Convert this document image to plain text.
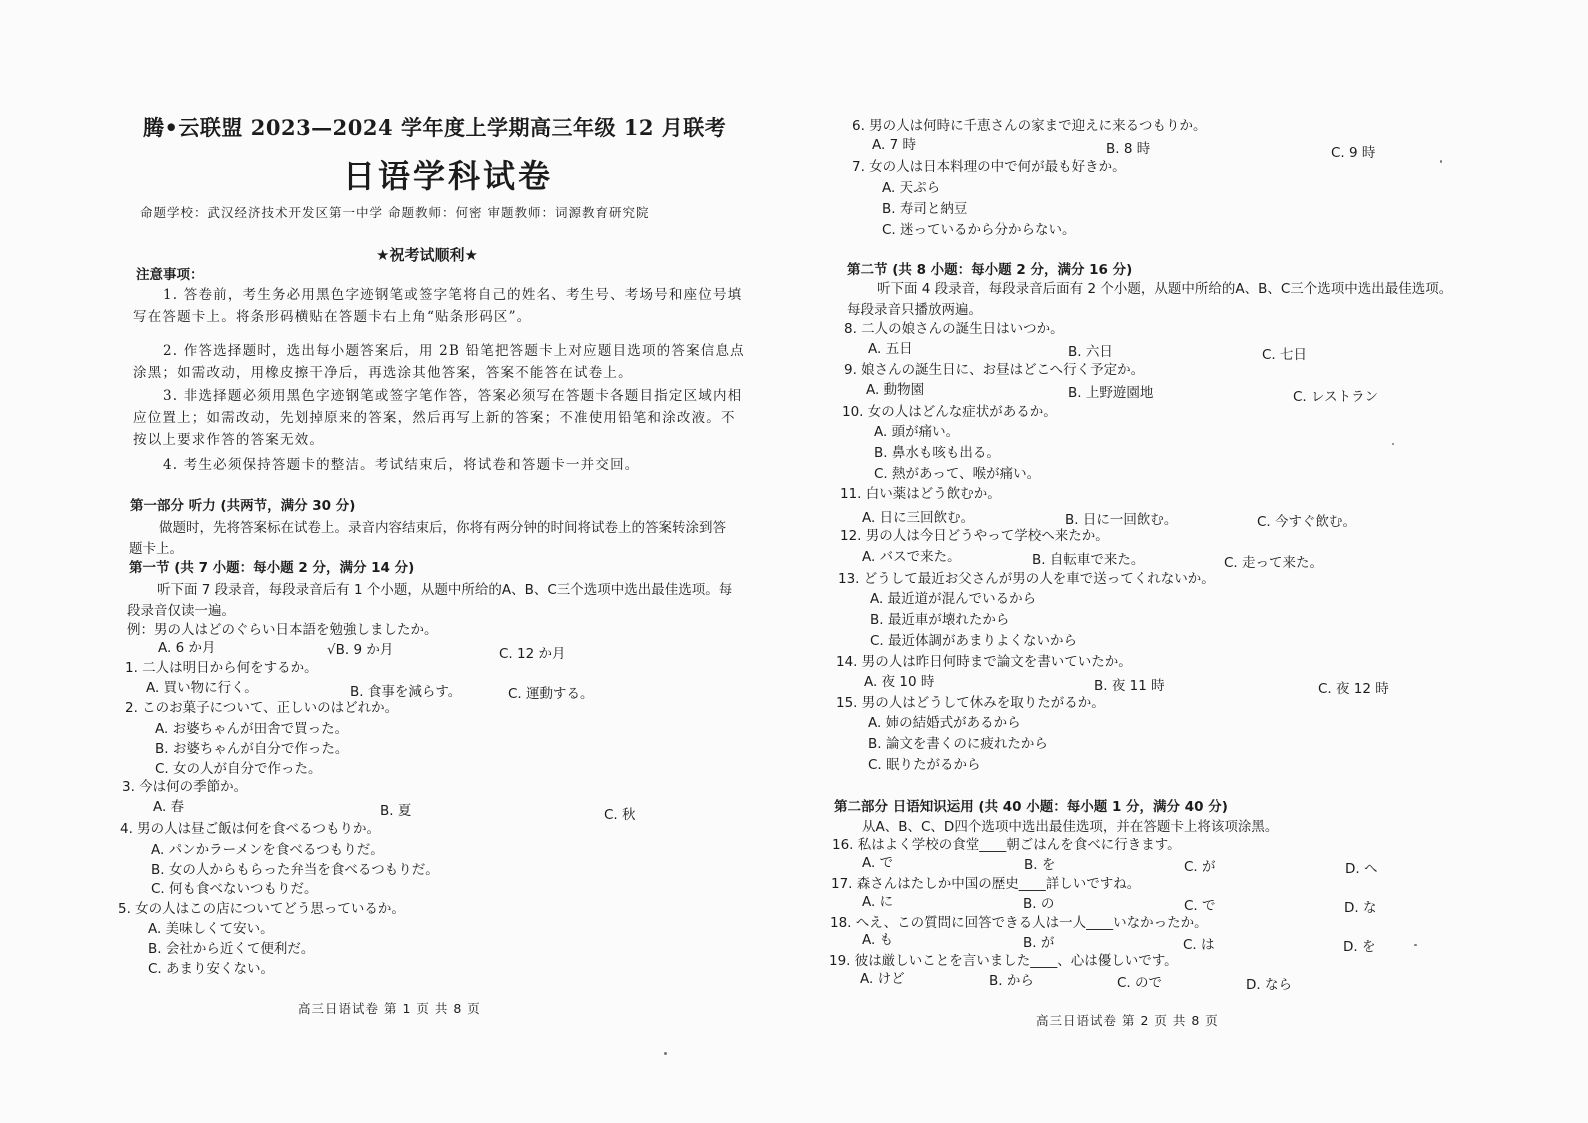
腾•云联盟 2023—2024 学年度上学期高三年级 12 月联考
日语学科试卷
命题学校：武汉经济技术开发区第一中学 命题教师：何密 审题教师：词源教育研究院
★祝考试顺利★
注意事项：
1. 答卷前，考生务必用黑色字迹钢笔或签字笔将自己的姓名、考生号、考场号和座位号填写在答题卡上。将条形码横贴在答题卡右上角“贴条形码区”。
2. 作答选择题时，选出每小题答案后，用 2B 铅笔把答题卡上对应题目选项的答案信息点涂黑；如需改动，用橡皮擦干净后，再选涂其他答案，答案不能答在试卷上。
3. 非选择题必须用黑色字迹钢笔或签字笔作答，答案必须写在答题卡各题目指定区域内相应位置上；如需改动，先划掉原来的答案，然后再写上新的答案；不准使用铅笔和涂改液。不按以上要求作答的答案无效。
4. 考生必须保持答题卡的整洁。考试结束后，将试卷和答题卡一并交回。
第一部分 听力 (共两节，满分 30 分)
做题时，先将答案标在试卷上。录音内容结束后，你将有两分钟的时间将试卷上的答案转涂到答题卡上。
第一节 (共 7 小题：每小题 2 分，满分 14 分)
听下面 7 段录音，每段录音后有 1 个小题，从题中所给的A、B、C三个选项中选出最佳选项。每段录音仅读一遍。
例：男の人はどのぐらい日本語を勉強しましたか。
A. 6 か月	√B. 9 か月	C. 12 か月
1. 二人は明日から何をするか。
A. 買い物に行く。	B. 食事を減らす。	C. 運動する。
2. このお菓子について、正しいのはどれか。
A. お婆ちゃんが田舎で買った。
B. お婆ちゃんが自分で作った。
C. 女の人が自分で作った。
3. 今は何の季節か。
A. 春	B. 夏	C. 秋
4. 男の人は昼ご飯は何を食べるつもりか。
A. パンかラーメンを食べるつもりだ。
B. 女の人からもらった弁当を食べるつもりだ。
C. 何も食べないつもりだ。
5. 女の人はこの店についてどう思っているか。
A. 美味しくて安い。
B. 会社から近くて便利だ。
C. あまり安くない。
高三日语试卷 第 1 页 共 8 页
6. 男の人は何時に千恵さんの家まで迎えに来るつもりか。
A. 7 時	B. 8 時	C. 9 時
7. 女の人は日本料理の中で何が最も好きか。
A. 天ぷら
B. 寿司と納豆
C. 迷っているから分からない。
第二节 (共 8 小题：每小题 2 分，满分 16 分)
听下面 4 段录音，每段录音后面有 2 个小题，从题中所给的A、B、C三个选项中选出最佳选项。每段录音只播放两遍。
8. 二人の娘さんの誕生日はいつか。
A. 五日	B. 六日	C. 七日
9. 娘さんの誕生日に、お昼はどこへ行く予定か。
A. 動物園	B. 上野遊園地	C. レストラン
10. 女の人はどんな症状があるか。
A. 頭が痛い。
B. 鼻水も咳も出る。
C. 熱があって、喉が痛い。
11. 白い薬はどう飲むか。
A. 日に三回飲む。	B. 日に一回飲む。	C. 今すぐ飲む。
12. 男の人は今日どうやって学校へ来たか。
A. バスで来た。	B. 自転車で来た。	C. 走って来た。
13. どうして最近お父さんが男の人を車で送ってくれないか。
A. 最近道が混んでいるから
B. 最近車が壊れたから
C. 最近体調があまりよくないから
14. 男の人は昨日何時まで論文を書いていたか。
A. 夜 10 時	B. 夜 11 時	C. 夜 12 時
15. 男の人はどうして休みを取りたがるか。
A. 姉の結婚式があるから
B. 論文を書くのに疲れたから
C. 眠りたがるから
第二部分 日语知识运用 (共 40 小题：每小题 1 分，满分 40 分)
从A、B、C、D四个选项中选出最佳选项，并在答题卡上将该项涂黑。
16. 私はよく学校の食堂____朝ごはんを食べに行きます。
A. で	B. を	C. が	D. へ
17. 森さんはたしか中国の歴史____詳しいですね。
A. に	B. の	C. で	D. な
18. へえ、この質問に回答できる人は一人____いなかったか。
A. も	B. が	C. は	D. を
19. 彼は厳しいことを言いました____、心は優しいです。
A. けど	B. から	C. ので	D. なら
高三日语试卷 第 2 页 共 8 页
